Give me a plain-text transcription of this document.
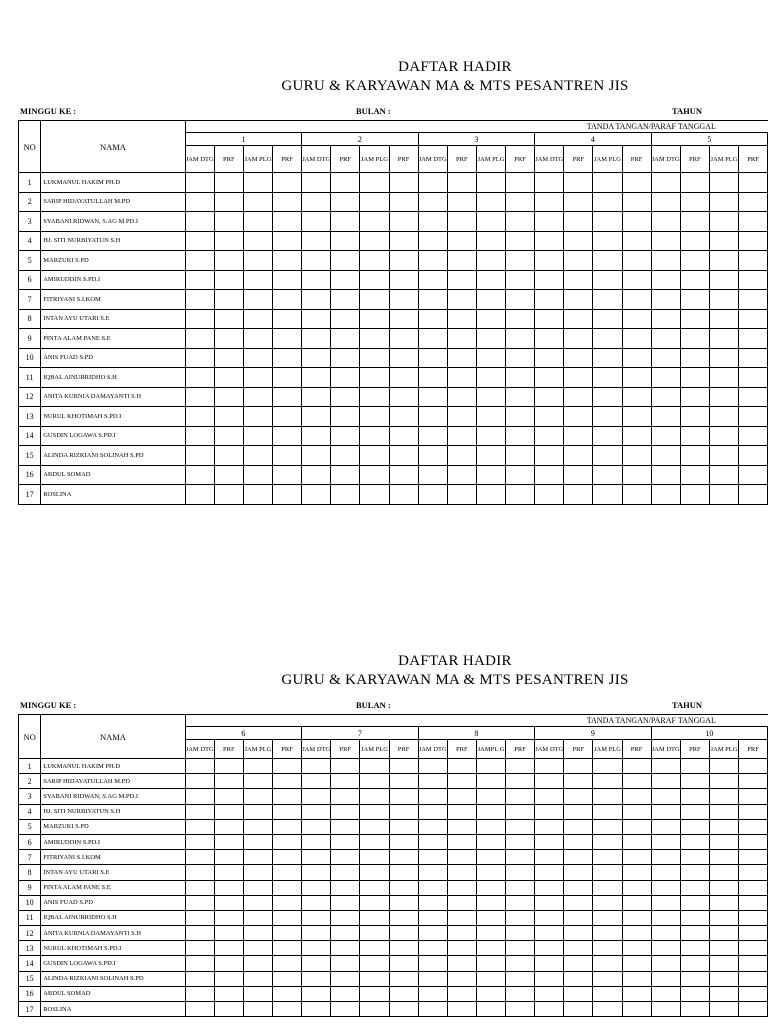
DAFTAR HADIR
GURU & KARYAWAN MA & MTS PESANTREN JIS
MINGGU KE :	BULAN :	TAHUN
NO	NAMA	TANDA TANGAN/PARAF TANGGAL																															
		1				2				3				4				5															
		JAM DTG	PRF	JAM PLG	PRF	JAM DTG	PRF	JAM PLG	PRF	JAM DTG	PRF	JAM PLG	PRF	JAM DTG	PRF	JAM PLG	PRF	JAM DTG	PRF	JAM PLG	PRF												
1	LUKMANUL HAKIM PH.D																																
2	SARIP HIDAYATULLAH M.PD																																
3	SYABANI RIDWAN, S.AG M.PD.I																																
4	HJ. SITI NURBIYATUN S.H																																
5	MARZUKI S.PD																																
6	AMIRUDDIN S.PD.I																																
7	FITRIYANI S.I.KOM																																
8	INTAN AYU UTARI S.E																																
9	PINTA ALAM PANE S.E																																
10	ANIS FUAD S.PD																																
11	IQBAL AINURRIDHO S.H																																
12	ANITA KURNIA DAMAYANTI S.H																																
13	NURUL KHOTIMAH S.PD.I																																
14	GUSDIN LOGAWA S.PD.I																																
15	ALINDA RIZKIANI SOLINAH S.PD																																
16	ABDUL SOMAD																																
17	ROSLINA																																
DAFTAR HADIR
GURU & KARYAWAN MA & MTS PESANTREN JIS
MINGGU KE :	BULAN :	TAHUN
NO	NAMA	TANDA TANGAN/PARAF TANGGAL																															
		6				7				8				9				10															
		JAM DTG	PRF	JAM PLG	PRF	JAM DTG	PRF	JAM PLG	PRF	JAM DTG	PRF	JAMPL G	PRF	JAM DTG	PRF	JAM PLG	PRF	JAM DTG	PRF	JAM PLG	PRF												
1	LUKMANUL HAKIM PH.D																																
2	SARIP HIDAYATULLAH M.PD																																
3	SYABANI RIDWAN, S.AG M.PD.I																																
4	HJ. SITI NURBIYATUN S.H																																
5	MARZUKI S.PD																																
6	AMIRUDDIN S.PD.I																																
7	FITRIYANI S.I.KOM																																
8	INTAN AYU UTARI S.E																																
9	PINTA ALAM PANE S.E																																
10	ANIS FUAD S.PD																																
11	IQBAL AINURRIDHO S.H																																
12	ANITA KURNIA DAMAYANTI S.H																																
13	NURUL KHOTIMAH S.PD.I																																
14	GUSDIN LOGAWA S.PD.I																																
15	ALINDA RIZKIANI SOLINAH S.PD																																
16	ABDUL SOMAD																																
17	ROSLINA																																
